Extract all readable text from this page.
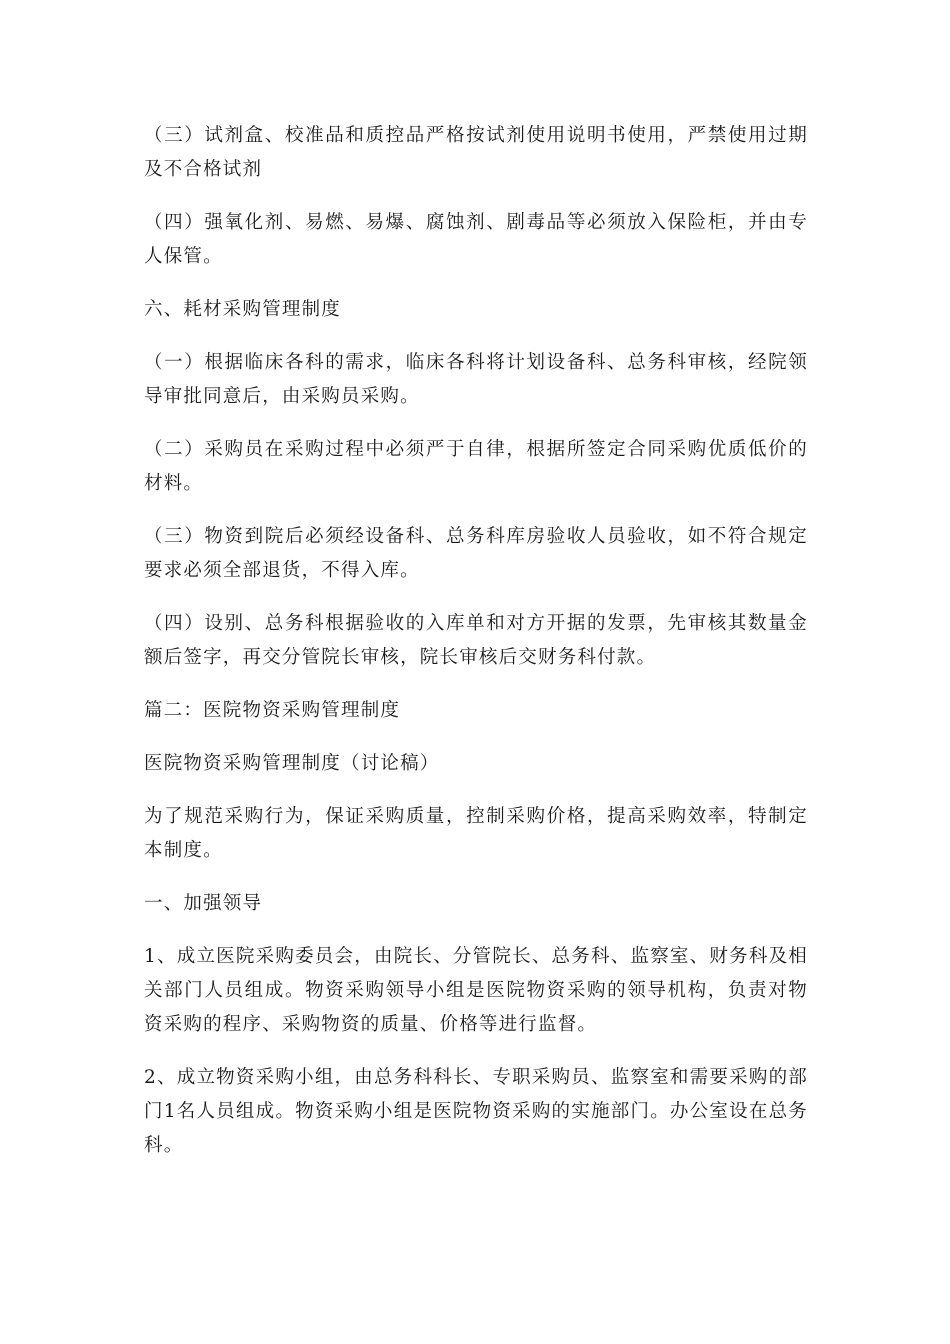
（三）试剂盒、校准品和质控品严格按试剂使用说明书使用，严禁使用过期及不合格试剂

（四）强氧化剂、易燃、易爆、腐蚀剂、剧毒品等必须放入保险柜，并由专人保管。

六、耗材采购管理制度

（一）根据临床各科的需求，临床各科将计划设备科、总务科审核，经院领导审批同意后，由采购员采购。

（二）采购员在采购过程中必须严于自律，根据所签定合同采购优质低价的材料。

（三）物资到院后必须经设备科、总务科库房验收人员验收，如不符合规定要求必须全部退货，不得入库。

（四）设别、总务科根据验收的入库单和对方开据的发票，先审核其数量金额后签字，再交分管院长审核，院长审核后交财务科付款。

篇二：医院物资采购管理制度

医院物资采购管理制度（讨论稿）

为了规范采购行为，保证采购质量，控制采购价格，提高采购效率，特制定本制度。

一、加强领导

1、成立医院采购委员会，由院长、分管院长、总务科、监察室、财务科及相关部门人员组成。物资采购领导小组是医院物资采购的领导机构，负责对物资采购的程序、采购物资的质量、价格等进行监督。

2、成立物资采购小组，由总务科科长、专职采购员、监察室和需要采购的部门1名人员组成。物资采购小组是医院物资采购的实施部门。办公室设在总务科。
